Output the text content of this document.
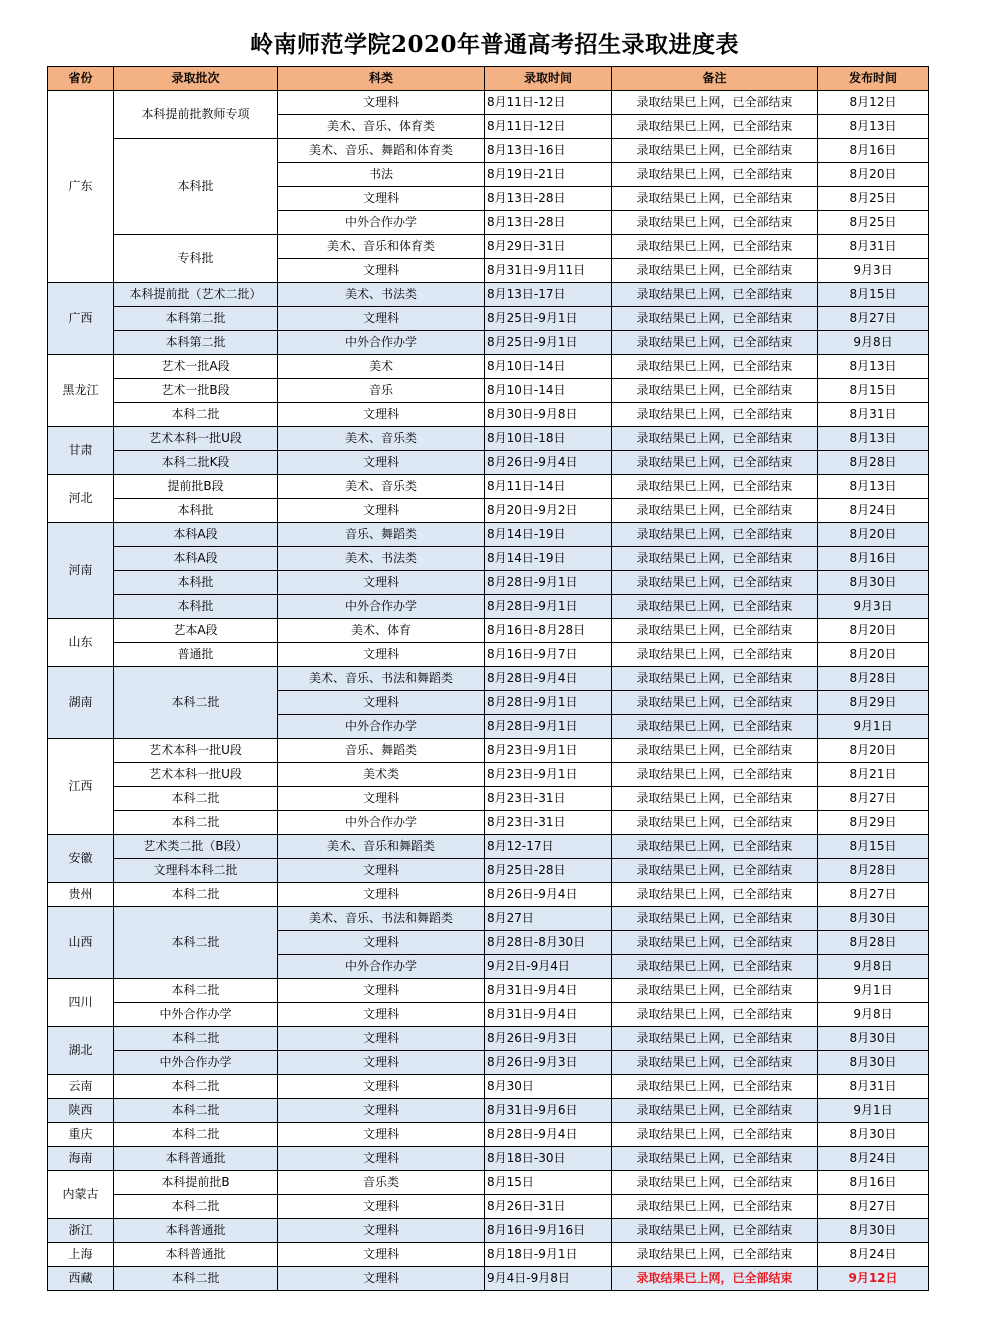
岭南师范学院2020年普通高考招生录取进度表
省份	录取批次	科类	录取时间	备注	发布时间
广东	本科提前批教师专项	文理科	8月11日-12日	录取结果已上网，已全部结束	8月12日
		美术、音乐、体育类	8月11日-12日	录取结果已上网，已全部结束	8月13日
	本科批	美术、音乐、舞蹈和体育类	8月13日-16日	录取结果已上网，已全部结束	8月16日
		书法	8月19日-21日	录取结果已上网，已全部结束	8月20日
		文理科	8月13日-28日	录取结果已上网，已全部结束	8月25日
		中外合作办学	8月13日-28日	录取结果已上网，已全部结束	8月25日
	专科批	美术、音乐和体育类	8月29日-31日	录取结果已上网，已全部结束	8月31日
		文理科	8月31日-9月11日	录取结果已上网，已全部结束	9月3日
广西	本科提前批（艺术二批）	美术、书法类	8月13日-17日	录取结果已上网，已全部结束	8月15日
	本科第二批	文理科	8月25日-9月1日	录取结果已上网，已全部结束	8月27日
	本科第二批	中外合作办学	8月25日-9月1日	录取结果已上网，已全部结束	9月8日
黑龙江	艺术一批A段	美术	8月10日-14日	录取结果已上网，已全部结束	8月13日
	艺术一批B段	音乐	8月10日-14日	录取结果已上网，已全部结束	8月15日
	本科二批	文理科	8月30日-9月8日	录取结果已上网，已全部结束	8月31日
甘肃	艺术本科一批U段	美术、音乐类	8月10日-18日	录取结果已上网，已全部结束	8月13日
	本科二批K段	文理科	8月26日-9月4日	录取结果已上网，已全部结束	8月28日
河北	提前批B段	美术、音乐类	8月11日-14日	录取结果已上网，已全部结束	8月13日
	本科批	文理科	8月20日-9月2日	录取结果已上网，已全部结束	8月24日
河南	本科A段	音乐、舞蹈类	8月14日-19日	录取结果已上网，已全部结束	8月20日
	本科A段	美术、书法类	8月14日-19日	录取结果已上网，已全部结束	8月16日
	本科批	文理科	8月28日-9月1日	录取结果已上网，已全部结束	8月30日
	本科批	中外合作办学	8月28日-9月1日	录取结果已上网，已全部结束	9月3日
山东	艺本A段	美术、体育	8月16日-8月28日	录取结果已上网，已全部结束	8月20日
	普通批	文理科	8月16日-9月7日	录取结果已上网，已全部结束	8月20日
湖南	本科二批	美术、音乐、书法和舞蹈类	8月28日-9月4日	录取结果已上网，已全部结束	8月28日
		文理科	8月28日-9月1日	录取结果已上网，已全部结束	8月29日
		中外合作办学	8月28日-9月1日	录取结果已上网，已全部结束	9月1日
江西	艺术本科一批U段	音乐、舞蹈类	8月23日-9月1日	录取结果已上网，已全部结束	8月20日
	艺术本科一批U段	美术类	8月23日-9月1日	录取结果已上网，已全部结束	8月21日
	本科二批	文理科	8月23日-31日	录取结果已上网，已全部结束	8月27日
	本科二批	中外合作办学	8月23日-31日	录取结果已上网，已全部结束	8月29日
安徽	艺术类二批（B段）	美术、音乐和舞蹈类	8月12-17日	录取结果已上网，已全部结束	8月15日
	文理科本科二批	文理科	8月25日-28日	录取结果已上网，已全部结束	8月28日
贵州	本科二批	文理科	8月26日-9月4日	录取结果已上网，已全部结束	8月27日
山西	本科二批	美术、音乐、书法和舞蹈类	8月27日	录取结果已上网，已全部结束	8月30日
		文理科	8月28日-8月30日	录取结果已上网，已全部结束	8月28日
		中外合作办学	9月2日-9月4日	录取结果已上网，已全部结束	9月8日
四川	本科二批	文理科	8月31日-9月4日	录取结果已上网，已全部结束	9月1日
	中外合作办学	文理科	8月31日-9月4日	录取结果已上网，已全部结束	9月8日
湖北	本科二批	文理科	8月26日-9月3日	录取结果已上网，已全部结束	8月30日
	中外合作办学	文理科	8月26日-9月3日	录取结果已上网，已全部结束	8月30日
云南	本科二批	文理科	8月30日	录取结果已上网，已全部结束	8月31日
陕西	本科二批	文理科	8月31日-9月6日	录取结果已上网，已全部结束	9月1日
重庆	本科二批	文理科	8月28日-9月4日	录取结果已上网，已全部结束	8月30日
海南	本科普通批	文理科	8月18日-30日	录取结果已上网，已全部结束	8月24日
内蒙古	本科提前批B	音乐类	8月15日	录取结果已上网，已全部结束	8月16日
	本科二批	文理科	8月26日-31日	录取结果已上网，已全部结束	8月27日
浙江	本科普通批	文理科	8月16日-9月16日	录取结果已上网，已全部结束	8月30日
上海	本科普通批	文理科	8月18日-9月1日	录取结果已上网，已全部结束	8月24日
西藏	本科二批	文理科	9月4日-9月8日	录取结果已上网，已全部结束	9月12日
